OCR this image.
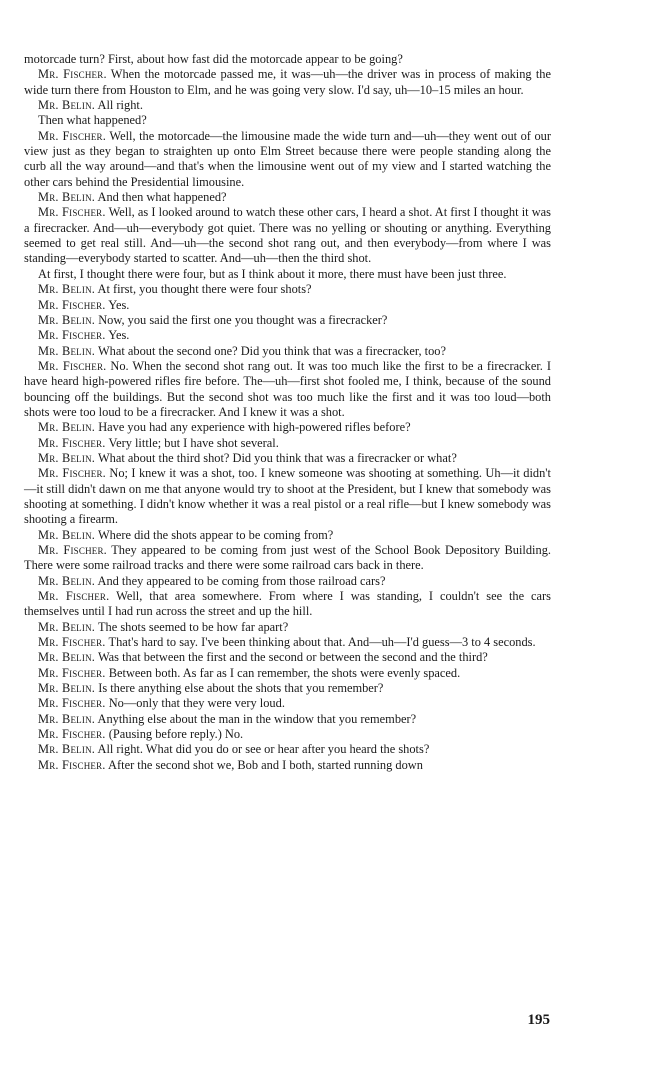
motorcade turn? First, about how fast did the motorcade appear to be going?

Mr. Fischer. When the motorcade passed me, it was—uh—the driver was in process of making the wide turn there from Houston to Elm, and he was going very slow. I'd say, uh—10–15 miles an hour.

Mr. Belin. All right.

Then what happened?

Mr. Fischer. Well, the motorcade—the limousine made the wide turn and—uh—they went out of our view just as they began to straighten up onto Elm Street because there were people standing along the curb all the way around—and that's when the limousine went out of my view and I started watching the other cars behind the Presidential limousine.

Mr. Belin. And then what happened?

Mr. Fischer. Well, as I looked around to watch these other cars, I heard a shot. At first I thought it was a firecracker. And—uh—everybody got quiet. There was no yelling or shouting or anything. Everything seemed to get real still. And—uh—the second shot rang out, and then everybody—from where I was standing—everybody started to scatter. And—uh—then the third shot.

At first, I thought there were four, but as I think about it more, there must have been just three.

Mr. Belin. At first, you thought there were four shots?

Mr. Fischer. Yes.

Mr. Belin. Now, you said the first one you thought was a firecracker?

Mr. Fischer. Yes.

Mr. Belin. What about the second one? Did you think that was a firecracker, too?

Mr. Fischer. No. When the second shot rang out. It was too much like the first to be a firecracker. I have heard high-powered rifles fire before. The—uh—first shot fooled me, I think, because of the sound bouncing off the buildings. But the second shot was too much like the first and it was too loud—both shots were too loud to be a firecracker. And I knew it was a shot.

Mr. Belin. Have you had any experience with high-powered rifles before?

Mr. Fischer. Very little; but I have shot several.

Mr. Belin. What about the third shot? Did you think that was a firecracker or what?

Mr. Fischer. No; I knew it was a shot, too. I knew someone was shooting at something. Uh—it didn't—it still didn't dawn on me that anyone would try to shoot at the President, but I knew that somebody was shooting at something. I didn't know whether it was a real pistol or a real rifle—but I knew somebody was shooting a firearm.

Mr. Belin. Where did the shots appear to be coming from?

Mr. Fischer. They appeared to be coming from just west of the School Book Depository Building. There were some railroad tracks and there were some railroad cars back in there.

Mr. Belin. And they appeared to be coming from those railroad cars?

Mr. Fischer. Well, that area somewhere. From where I was standing, I couldn't see the cars themselves until I had run across the street and up the hill.

Mr. Belin. The shots seemed to be how far apart?

Mr. Fischer. That's hard to say. I've been thinking about that. And—uh—I'd guess—3 to 4 seconds.

Mr. Belin. Was that between the first and the second or between the second and the third?

Mr. Fischer. Between both. As far as I can remember, the shots were evenly spaced.

Mr. Belin. Is there anything else about the shots that you remember?

Mr. Fischer. No—only that they were very loud.

Mr. Belin. Anything else about the man in the window that you remember?

Mr. Fischer. (Pausing before reply.) No.

Mr. Belin. All right. What did you do or see or hear after you heard the shots?

Mr. Fischer. After the second shot we, Bob and I both, started running down

195
